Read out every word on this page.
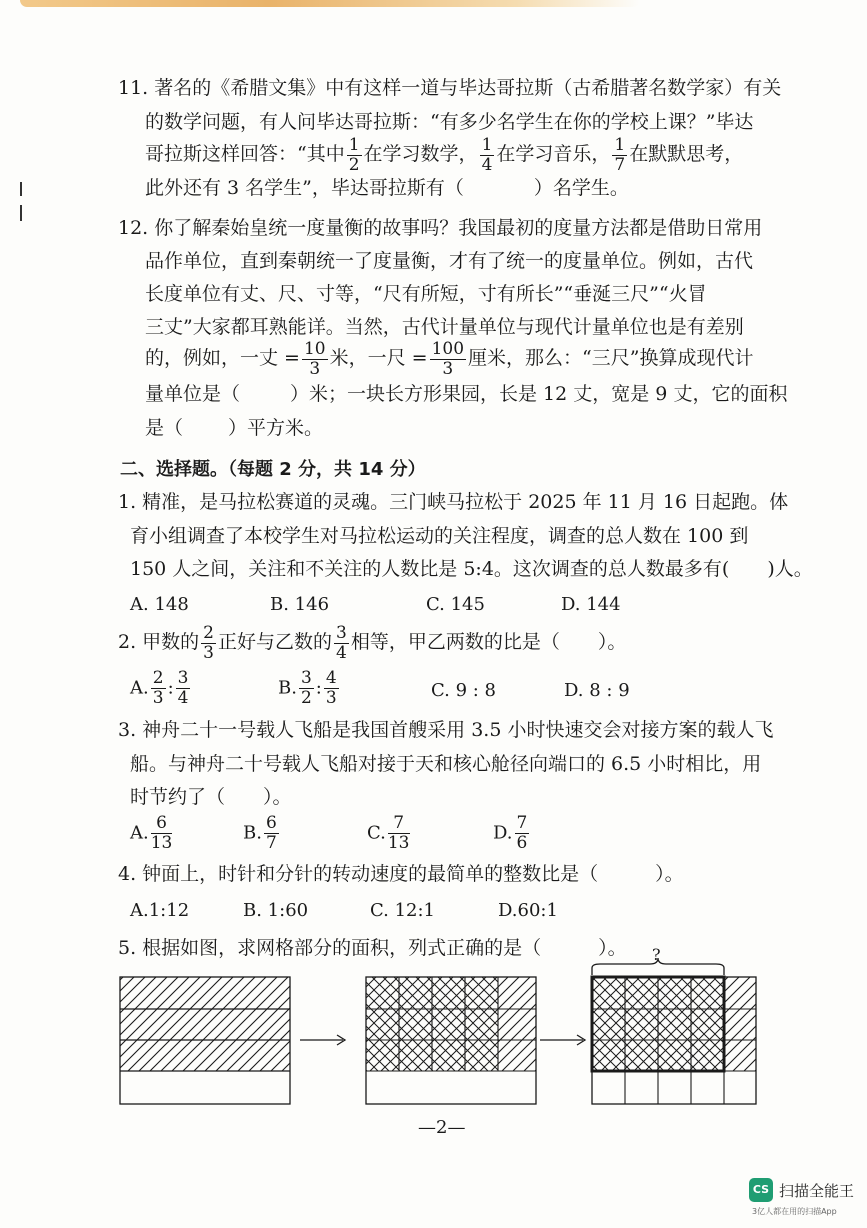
11. 著名的《希腊文集》中有这样一道与毕达哥拉斯（古希腊著名数学家）有关
的数学问题，有人问毕达哥拉斯：“有多少名学生在你的学校上课？”毕达
哥拉斯这样回答：“其中 $\frac{1}{2}$ 在学习数学， $\frac{1}{4}$ 在学习音乐， $\frac{1}{7}$ 在默默思考，
此外还有 3 名学生”，毕达哥拉斯有（	）名学生。
12. 你了解秦始皇统一度量衡的故事吗？我国最初的度量方法都是借助日常用
品作单位，直到秦朝统一了度量衡，才有了统一的度量单位。例如，古代
长度单位有丈、尺、寸等，“尺有所短，寸有所长”“垂涎三尺”“火冒
三丈”大家都耳熟能详。当然，古代计量单位与现代计量单位也是有差别
的，例如，一丈 = $\frac{10}{3}$ 米，一尺 = $\frac{100}{3}$ 厘米，那么：“三尺”换算成现代计
量单位是（	）米；一块长方形果园，长是 12 丈，宽是 9 丈，它的面积
是（ ）平方米。
二、选择题。（每题 2 分，共 14 分）
1. 精准，是马拉松赛道的灵魂。三门峡马拉松于 2025 年 11 月 16 日起跑。体
育小组调查了本校学生对马拉松运动的关注程度，调查的总人数在 100 到
150 人之间，关注和不关注的人数比是 5:4。这次调查的总人数最多有(　　)人。
A. 148	B. 146	C. 145	D. 144
2. 甲数的 $\frac{2}{3}$ 正好与乙数的 $\frac{3}{4}$ 相等，甲乙两数的比是（　　）。
A. $\frac{2}{3}$ : $\frac{3}{4}$	B. $\frac{3}{2}$ : $\frac{4}{3}$	C. 9 : 8	D. 8 : 9
3. 神舟二十一号载人飞船是我国首艘采用 3.5 小时快速交会对接方案的载人飞
船。与神舟二十号载人飞船对接于天和核心舱径向端口的 6.5 小时相比，用
时节约了（　　）。
A. $\frac{6}{13}$	B. $\frac{6}{7}$	C. $\frac{7}{13}$	D. $\frac{7}{6}$
4. 钟面上，时针和分针的转动速度的最简单的整数比是（　　　）。
A.1:12	B. 1:60	C. 12:1	D.60:1
5. 根据如图，求网格部分的面积，列式正确的是（　　　）。 ?
—2—
CS 扫描全能王
3亿人都在用的扫描App
